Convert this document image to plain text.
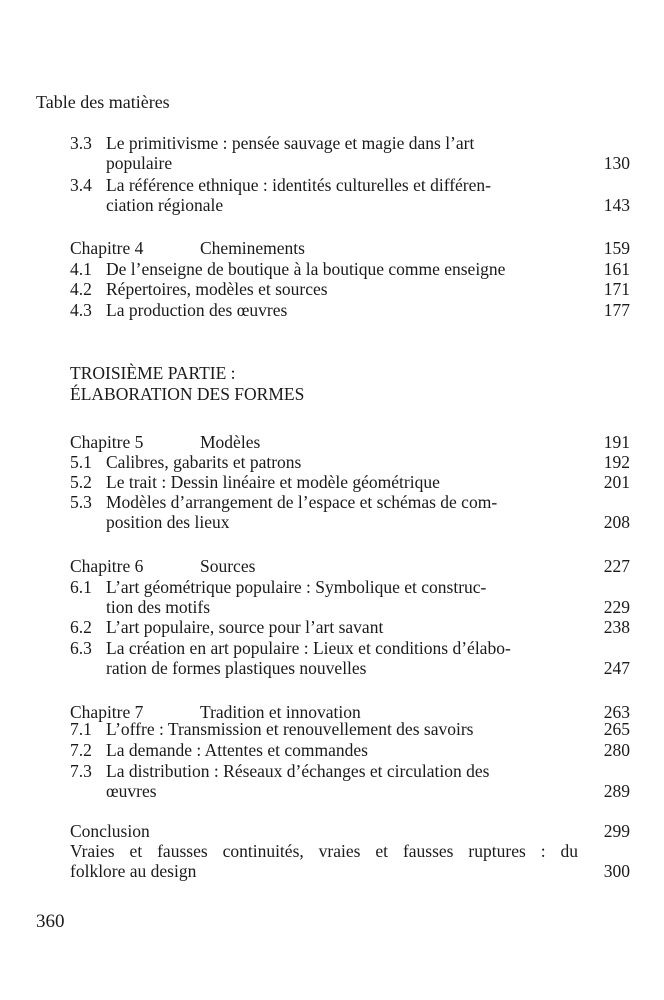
Table des matières
3.3 Le primitivisme : pensée sauvage et magie dans l’art
populaire	130
3.4 La référence ethnique : identités culturelles et différen-
ciation régionale	143
Chapitre 4	Cheminements	159
4.1 De l’enseigne de boutique à la boutique comme enseigne	161
4.2 Répertoires, modèles et sources	171
4.3 La production des œuvres	177
TROISIÈME PARTIE :
ÉLABORATION DES FORMES
Chapitre 5	Modèles	191
5.1 Calibres, gabarits et patrons	192
5.2 Le trait : Dessin linéaire et modèle géométrique	201
5.3 Modèles d’arrangement de l’espace et schémas de com-
position des lieux	208
Chapitre 6	Sources	227
6.1 L’art géométrique populaire : Symbolique et construc-
tion des motifs	229
6.2 L’art populaire, source pour l’art savant	238
6.3 La création en art populaire : Lieux et conditions d’élabo-
ration de formes plastiques nouvelles	247
Chapitre 7	Tradition et innovation	263
7.1 L’offre : Transmission et renouvellement des savoirs	265
7.2 La demande : Attentes et commandes	280
7.3 La distribution : Réseaux d’échanges et circulation des
œuvres	289
Conclusion	299
Vraies et fausses continuités, vraies et fausses ruptures : du
folklore au design	300
360
